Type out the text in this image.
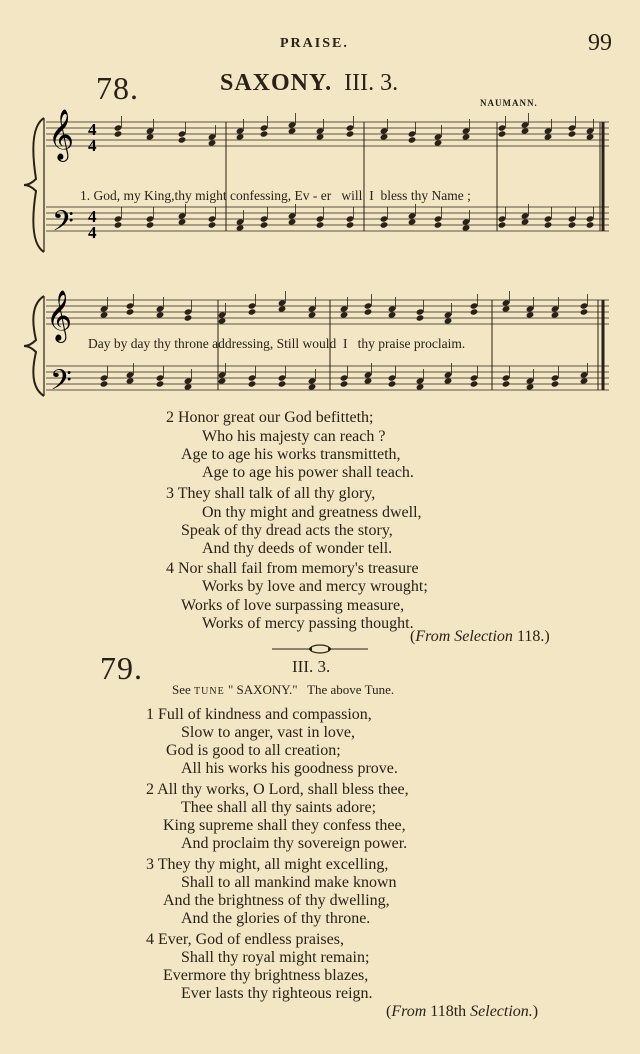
PRAISE.	99
78.	SAXONY. III. 3.
NAUMANN.
𝄞
𝄢
𝄞
𝄢
4
4
4
4
1. God, my King,thy might confessing, Ev - er will I bless thy Name ;
Day by day thy throne addressing, Still would I thy praise proclaim.
2 Honor great our God befitteth;
Who his majesty can reach ?
Age to age his works transmitteth,
Age to age his power shall teach.
3 They shall talk of all thy glory,
On thy might and greatness dwell,
Speak of thy dread acts the story,
And thy deeds of wonder tell.
4 Nor shall fail from memory's treasure
Works by love and mercy wrought;
Works of love surpassing measure,
Works of mercy passing thought.
(From Selection 118.)
79.	III. 3.
See TUNE " SAXONY." The above Tune.
1 Full of kindness and compassion,
Slow to anger, vast in love,
God is good to all creation;
All his works his goodness prove.
2 All thy works, O Lord, shall bless thee,
Thee shall all thy saints adore;
King supreme shall they confess thee,
And proclaim thy sovereign power.
3 They thy might, all might excelling,
Shall to all mankind make known
And the brightness of thy dwelling,
And the glories of thy throne.
4 Ever, God of endless praises,
Shall thy royal might remain;
Evermore thy brightness blazes,
Ever lasts thy righteous reign.
(From 118th Selection.)
